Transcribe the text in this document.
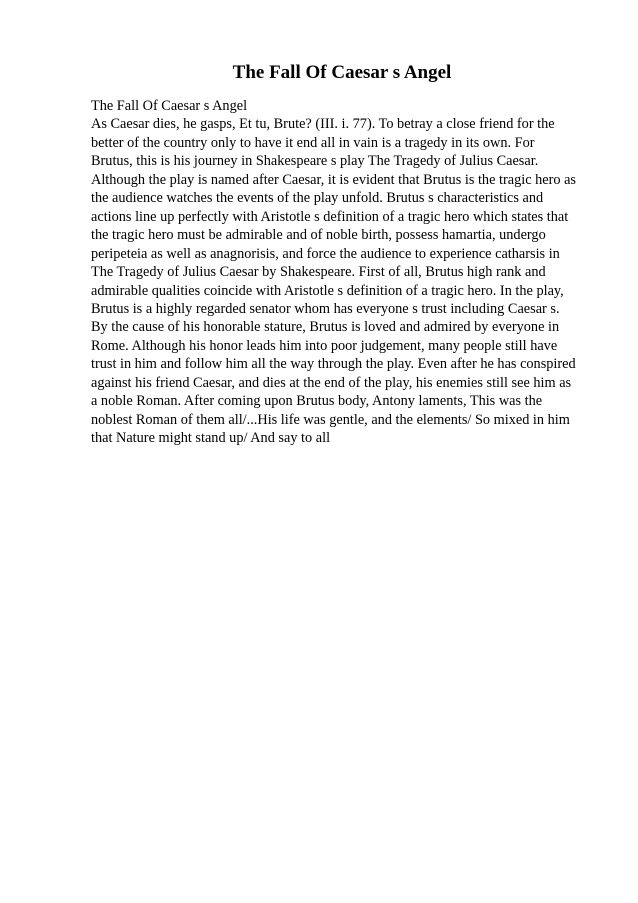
The Fall Of Caesar s Angel
The Fall Of Caesar s Angel
As Caesar dies, he gasps, Et tu, Brute? (III. i. 77). To betray a close friend for the
better of the country only to have it end all in vain is a tragedy in its own. For
Brutus, this is his journey in Shakespeare s play The Tragedy of Julius Caesar.
Although the play is named after Caesar, it is evident that Brutus is the tragic hero as
the audience watches the events of the play unfold. Brutus s characteristics and
actions line up perfectly with Aristotle s definition of a tragic hero which states that
the tragic hero must be admirable and of noble birth, possess hamartia, undergo
peripeteia as well as anagnorisis, and force the audience to experience catharsis in
The Tragedy of Julius Caesar by Shakespeare. First of all, Brutus high rank and
admirable qualities coincide with Aristotle s definition of a tragic hero. In the play,
Brutus is a highly regarded senator whom has everyone s trust including Caesar s.
By the cause of his honorable stature, Brutus is loved and admired by everyone in
Rome. Although his honor leads him into poor judgement, many people still have
trust in him and follow him all the way through the play. Even after he has conspired
against his friend Caesar, and dies at the end of the play, his enemies still see him as
a noble Roman. After coming upon Brutus body, Antony laments, This was the
noblest Roman of them all/...His life was gentle, and the elements/ So mixed in him
that Nature might stand up/ And say to all
